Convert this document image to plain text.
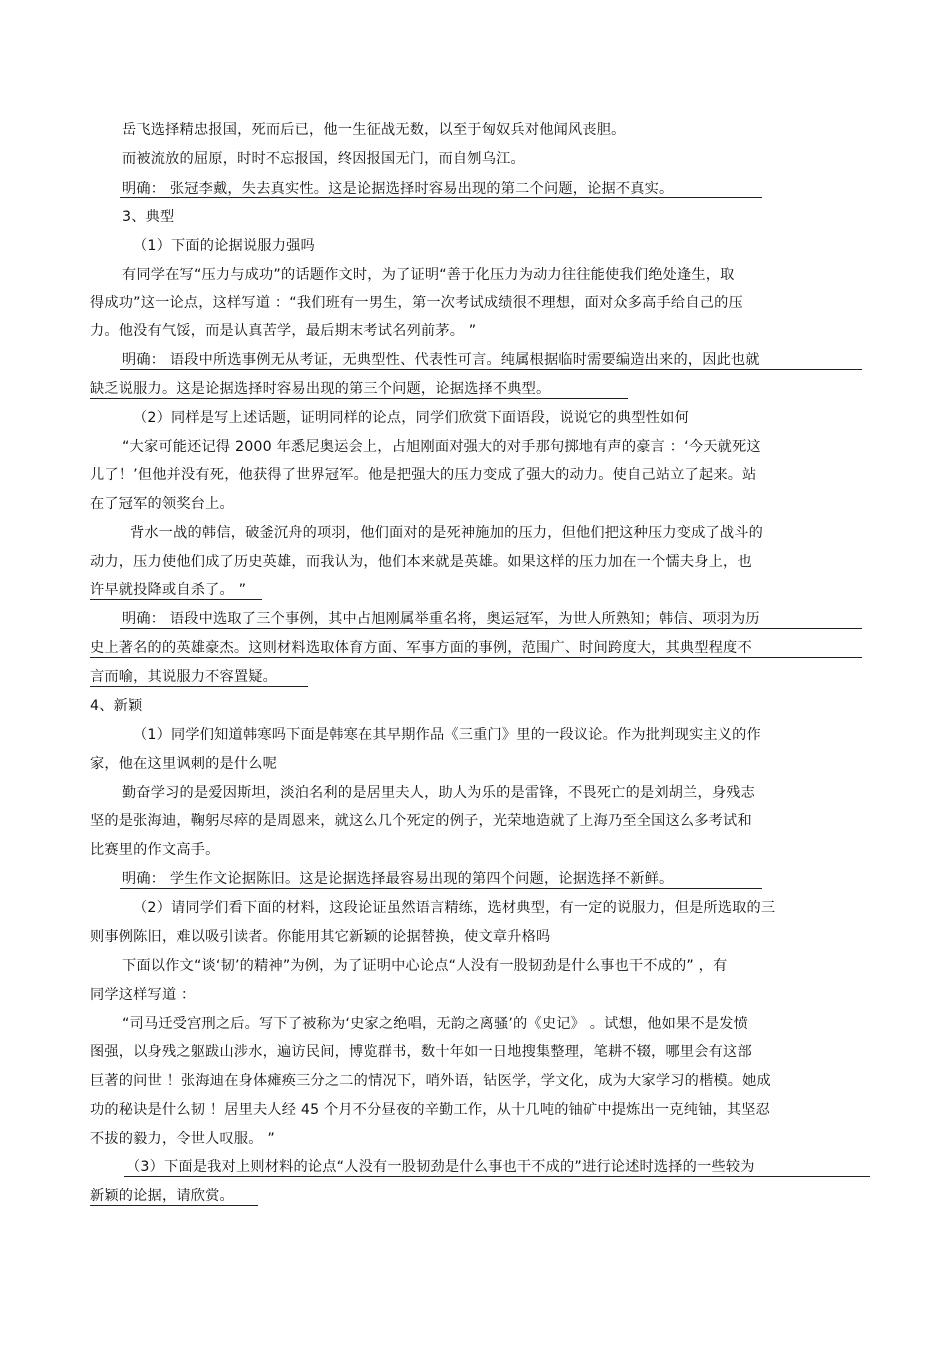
岳飞选择精忠报国，死而后已，他一生征战无数，以至于匈奴兵对他闻风丧胆。
而被流放的屈原，时时不忘报国，终因报国无门，而自刎乌江。
明确： 张冠李戴，失去真实性。这是论据选择时容易出现的第二个问题，论据不真实。
3、典型
（1）下面的论据说服力强吗
有同学在写“压力与成功”的话题作文时，为了证明“善于化压力为动力往往能使我们绝处逢生，取
得成功”这一论点，这样写道 ：“我们班有一男生，第一次考试成绩很不理想，面对众多高手给自己的压
力。他没有气馁，而是认真苦学，最后期末考试名列前茅。 ”
明确： 语段中所选事例无从考证，无典型性、代表性可言。纯属根据临时需要编造出来的，因此也就
缺乏说服力。这是论据选择时容易出现的第三个问题，论据选择不典型。
（2）同样是写上述话题，证明同样的论点，同学们欣赏下面语段，说说它的典型性如何
“大家可能还记得 2000 年悉尼奥运会上，占旭刚面对强大的对手那句掷地有声的豪言 ：‘今天就死这
儿了！’但他并没有死，他获得了世界冠军。他是把强大的压力变成了强大的动力。使自己站立了起来。站
在了冠军的领奖台上。
背水一战的韩信，破釜沉舟的项羽，他们面对的是死神施加的压力，但他们把这种压力变成了战斗的
动力，压力使他们成了历史英雄，而我认为，他们本来就是英雄。如果这样的压力加在一个懦夫身上，也
许早就投降或自杀了。 ”
明确： 语段中选取了三个事例，其中占旭刚属举重名将，奥运冠军，为世人所熟知；韩信、项羽为历
史上著名的的英雄豪杰。这则材料选取体育方面、军事方面的事例，范围广、时间跨度大，其典型程度不
言而喻，其说服力不容置疑。
4、新颖
（1）同学们知道韩寒吗下面是韩寒在其早期作品《三重门》里的一段议论。作为批判现实主义的作
家，他在这里讽刺的是什么呢
勤奋学习的是爱因斯坦，淡泊名利的是居里夫人，助人为乐的是雷锋，不畏死亡的是刘胡兰，身残志
坚的是张海迪，鞠躬尽瘁的是周恩来，就这么几个死定的例子，光荣地造就了上海乃至全国这么多考试和
比赛里的作文高手。
明确： 学生作文论据陈旧。这是论据选择最容易出现的第四个问题，论据选择不新鲜。
（2）请同学们看下面的材料，这段论证虽然语言精练，选材典型，有一定的说服力，但是所选取的三
则事例陈旧，难以吸引读者。你能用其它新颖的论据替换，使文章升格吗
下面以作文“谈‘韧’的精神”为例，为了证明中心论点“人没有一股韧劲是什么事也干不成的” ，有
同学这样写道 ：
“司马迁受宫刑之后。写下了被称为‘史家之绝唱，无韵之离骚’的《史记》 。试想，他如果不是发愤
图强，以身残之躯跋山涉水，遍访民间，博览群书，数十年如一日地搜集整理，笔耕不辍，哪里会有这部
巨著的问世 ！张海迪在身体瘫痪三分之二的情况下，哨外语，钻医学，学文化，成为大家学习的楷模。她成
功的秘诀是什么韧 ！居里夫人经 45 个月不分昼夜的辛勤工作，从十几吨的铀矿中提炼出一克纯铀，其坚忍
不拔的毅力，令世人叹服。 ”
（3）下面是我对上则材料的论点“人没有一股韧劲是什么事也干不成的”进行论述时选择的一些较为
新颖的论据，请欣赏。
